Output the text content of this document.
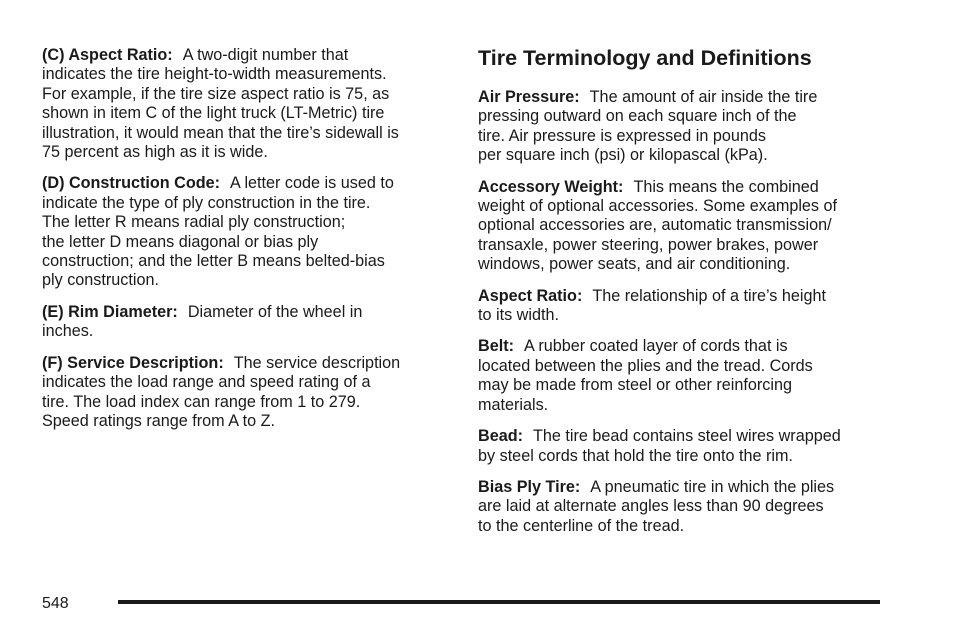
(C) Aspect Ratio: A two-digit number that
indicates the tire height-to-width measurements.
For example, if the tire size aspect ratio is 75, as
shown in item C of the light truck (LT-Metric) tire
illustration, it would mean that the tire’s sidewall is
75 percent as high as it is wide.
(D) Construction Code: A letter code is used to
indicate the type of ply construction in the tire.
The letter R means radial ply construction;
the letter D means diagonal or bias ply
construction; and the letter B means belted-bias
ply construction.
(E) Rim Diameter: Diameter of the wheel in
inches.
(F) Service Description: The service description
indicates the load range and speed rating of a
tire. The load index can range from 1 to 279.
Speed ratings range from A to Z.
Tire Terminology and Definitions
Air Pressure: The amount of air inside the tire
pressing outward on each square inch of the
tire. Air pressure is expressed in pounds
per square inch (psi) or kilopascal (kPa).
Accessory Weight: This means the combined
weight of optional accessories. Some examples of
optional accessories are, automatic transmission/
transaxle, power steering, power brakes, power
windows, power seats, and air conditioning.
Aspect Ratio: The relationship of a tire’s height
to its width.
Belt: A rubber coated layer of cords that is
located between the plies and the tread. Cords
may be made from steel or other reinforcing
materials.
Bead: The tire bead contains steel wires wrapped
by steel cords that hold the tire onto the rim.
Bias Ply Tire: A pneumatic tire in which the plies
are laid at alternate angles less than 90 degrees
to the centerline of the tread.
548
